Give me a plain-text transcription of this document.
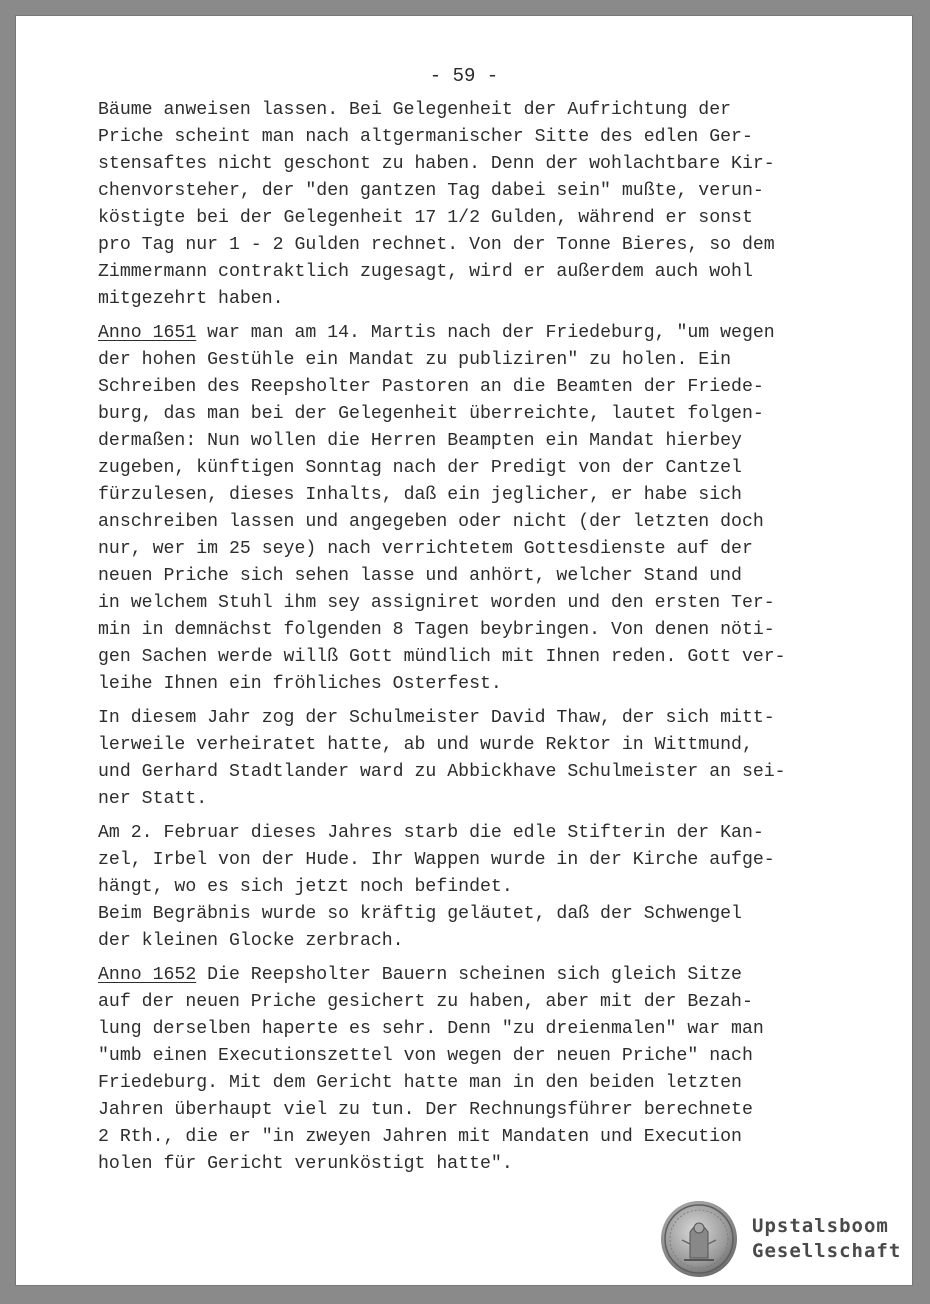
- 59 -
Bäume anweisen lassen. Bei Gelegenheit der Aufrichtung der
Priche scheint man nach altgermanischer Sitte des edlen Ger-
stensaftes nicht geschont zu haben. Denn der wohlachtbare Kir-
chenvorsteher, der "den gantzen Tag dabei sein" mußte, verun-
köstigte bei der Gelegenheit 17 1/2 Gulden, während er sonst
pro Tag nur 1 - 2 Gulden rechnet. Von der Tonne Bieres, so dem
Zimmermann contraktlich zugesagt, wird er außerdem auch wohl
mitgezehrt haben.
Anno 1651 war man am 14. Martis nach der Friedeburg, "um wegen
der hohen Gestühle ein Mandat zu publiziren" zu holen. Ein
Schreiben des Reepsholter Pastoren an die Beamten der Friede-
burg, das man bei der Gelegenheit überreichte, lautet folgen-
dermaßen: Nun wollen die Herren Beampten ein Mandat hierbey
zugeben, künftigen Sonntag nach der Predigt von der Cantzel
fürzulesen, dieses Inhalts, daß ein jeglicher, er habe sich
anschreiben lassen und angegeben oder nicht (der letzten doch
nur, wer im 25 seye) nach verrichtetem Gottesdienste auf der
neuen Priche sich sehen lasse und anhört, welcher Stand und
in welchem Stuhl ihm sey assigniret worden und den ersten Ter-
min in demnächst folgenden 8 Tagen beybringen. Von denen nöti-
gen Sachen werde willß Gott mündlich mit Ihnen reden. Gott ver-
leihe Ihnen ein fröhliches Osterfest.
In diesem Jahr zog der Schulmeister David Thaw, der sich mitt-
lerweile verheiratet hatte, ab und wurde Rektor in Wittmund,
und Gerhard Stadtlander ward zu Abbickhave Schulmeister an sei-
ner Statt.
Am 2. Februar dieses Jahres starb die edle Stifterin der Kan-
zel, Irbel von der Hude. Ihr Wappen wurde in der Kirche aufge-
hängt, wo es sich jetzt noch befindet.
Beim Begräbnis wurde so kräftig geläutet, daß der Schwengel
der kleinen Glocke zerbrach.
Anno 1652 Die Reepsholter Bauern scheinen sich gleich Sitze
auf der neuen Priche gesichert zu haben, aber mit der Bezah-
lung derselben haperte es sehr. Denn "zu dreienmalen" war man
"umb einen Executionszettel von wegen der neuen Priche" nach
Friedeburg. Mit dem Gericht hatte man in den beiden letzten
Jahren überhaupt viel zu tun. Der Rechnungsführer berechnete
2 Rth., die er "in zweyen Jahren mit Mandaten und Execution
holen für Gericht verunköstigt hatte".
Upstalsboom
Gesellschaft
